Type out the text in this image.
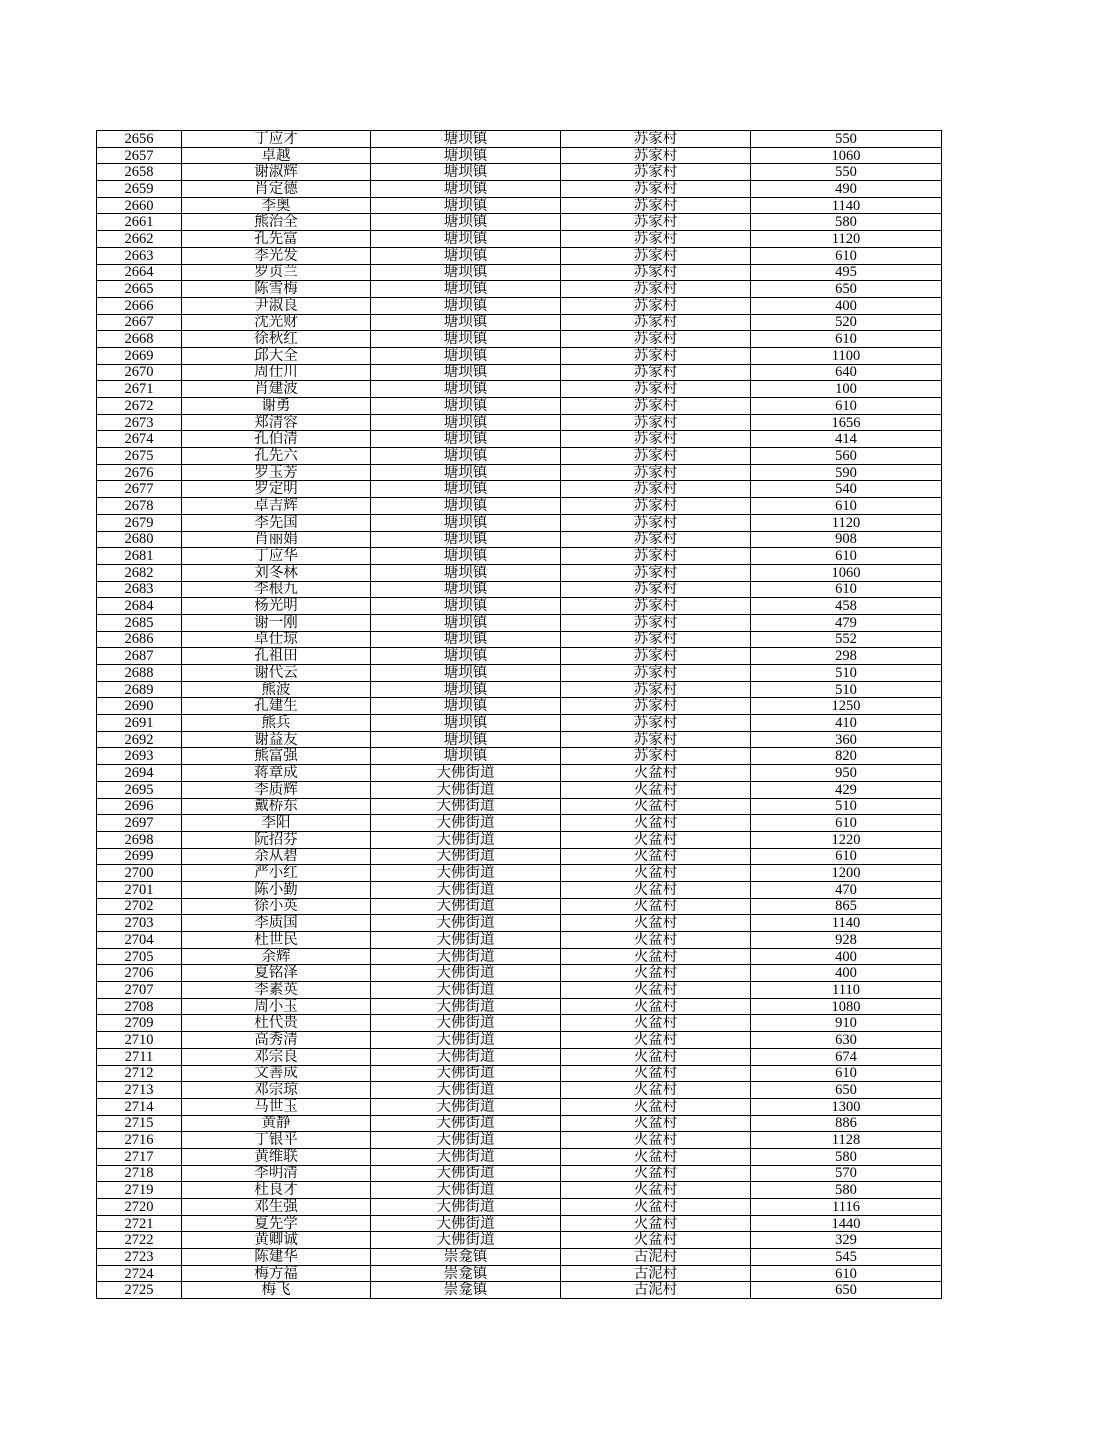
2656	丁应才	塘坝镇	苏家村	550
2657	卓越	塘坝镇	苏家村	1060
2658	谢淑辉	塘坝镇	苏家村	550
2659	肖定德	塘坝镇	苏家村	490
2660	李奥	塘坝镇	苏家村	1140
2661	熊治全	塘坝镇	苏家村	580
2662	孔先富	塘坝镇	苏家村	1120
2663	李光发	塘坝镇	苏家村	610
2664	罗贞兰	塘坝镇	苏家村	495
2665	陈雪梅	塘坝镇	苏家村	650
2666	尹淑良	塘坝镇	苏家村	400
2667	沈光财	塘坝镇	苏家村	520
2668	徐秋红	塘坝镇	苏家村	610
2669	邱大全	塘坝镇	苏家村	1100
2670	周仕川	塘坝镇	苏家村	640
2671	肖建波	塘坝镇	苏家村	100
2672	谢勇	塘坝镇	苏家村	610
2673	郑清容	塘坝镇	苏家村	1656
2674	孔伯清	塘坝镇	苏家村	414
2675	孔先六	塘坝镇	苏家村	560
2676	罗玉芳	塘坝镇	苏家村	590
2677	罗定明	塘坝镇	苏家村	540
2678	卓吉辉	塘坝镇	苏家村	610
2679	李先国	塘坝镇	苏家村	1120
2680	肖丽娟	塘坝镇	苏家村	908
2681	丁应华	塘坝镇	苏家村	610
2682	刘冬林	塘坝镇	苏家村	1060
2683	李根九	塘坝镇	苏家村	610
2684	杨光明	塘坝镇	苏家村	458
2685	谢一刚	塘坝镇	苏家村	479
2686	卓仕琼	塘坝镇	苏家村	552
2687	孔祖田	塘坝镇	苏家村	298
2688	谢代云	塘坝镇	苏家村	510
2689	熊波	塘坝镇	苏家村	510
2690	孔建生	塘坝镇	苏家村	1250
2691	熊兵	塘坝镇	苏家村	410
2692	谢益友	塘坝镇	苏家村	360
2693	熊富强	塘坝镇	苏家村	820
2694	蒋章成	大佛街道	火盆村	950
2695	李质辉	大佛街道	火盆村	429
2696	戴桥东	大佛街道	火盆村	510
2697	李阳	大佛街道	火盆村	610
2698	阮招芬	大佛街道	火盆村	1220
2699	余从碧	大佛街道	火盆村	610
2700	严小红	大佛街道	火盆村	1200
2701	陈小勤	大佛街道	火盆村	470
2702	徐小英	大佛街道	火盆村	865
2703	李质国	大佛街道	火盆村	1140
2704	杜世民	大佛街道	火盆村	928
2705	余辉	大佛街道	火盆村	400
2706	夏铭泽	大佛街道	火盆村	400
2707	李素英	大佛街道	火盆村	1110
2708	周小玉	大佛街道	火盆村	1080
2709	杜代贵	大佛街道	火盆村	910
2710	高秀清	大佛街道	火盆村	630
2711	邓宗良	大佛街道	火盆村	674
2712	文善成	大佛街道	火盆村	610
2713	邓宗琼	大佛街道	火盆村	650
2714	马世玉	大佛街道	火盆村	1300
2715	黄静	大佛街道	火盆村	886
2716	丁银平	大佛街道	火盆村	1128
2717	黄维联	大佛街道	火盆村	580
2718	李明清	大佛街道	火盆村	570
2719	杜良才	大佛街道	火盆村	580
2720	邓生强	大佛街道	火盆村	1116
2721	夏先学	大佛街道	火盆村	1440
2722	黄卿诚	大佛街道	火盆村	329
2723	陈建华	崇龛镇	古泥村	545
2724	梅方福	崇龛镇	古泥村	610
2725	梅飞	崇龛镇	古泥村	650
